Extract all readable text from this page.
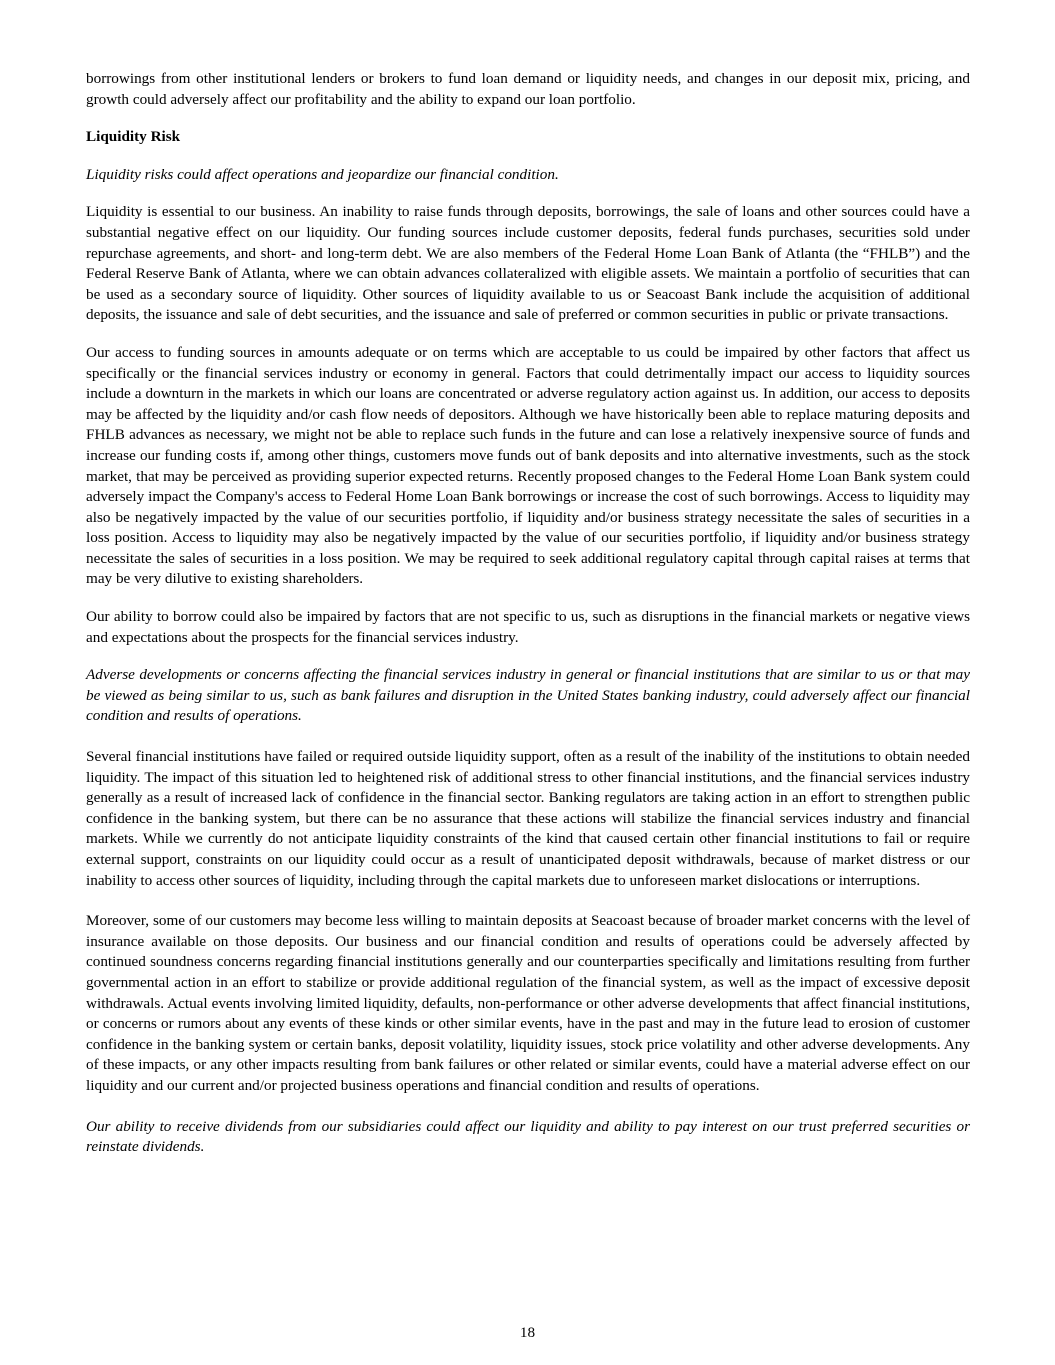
borrowings from other institutional lenders or brokers to fund loan demand or liquidity needs, and changes in our deposit mix, pricing, and growth could adversely affect our profitability and the ability to expand our loan portfolio.

Liquidity Risk

Liquidity risks could affect operations and jeopardize our financial condition.

Liquidity is essential to our business. An inability to raise funds through deposits, borrowings, the sale of loans and other sources could have a substantial negative effect on our liquidity. Our funding sources include customer deposits, federal funds purchases, securities sold under repurchase agreements, and short- and long-term debt. We are also members of the Federal Home Loan Bank of Atlanta (the “FHLB”) and the Federal Reserve Bank of Atlanta, where we can obtain advances collateralized with eligible assets. We maintain a portfolio of securities that can be used as a secondary source of liquidity. Other sources of liquidity available to us or Seacoast Bank include the acquisition of additional deposits, the issuance and sale of debt securities, and the issuance and sale of preferred or common securities in public or private transactions.

Our access to funding sources in amounts adequate or on terms which are acceptable to us could be impaired by other factors that affect us specifically or the financial services industry or economy in general. Factors that could detrimentally impact our access to liquidity sources include a downturn in the markets in which our loans are concentrated or adverse regulatory action against us. In addition, our access to deposits may be affected by the liquidity and/or cash flow needs of depositors. Although we have historically been able to replace maturing deposits and FHLB advances as necessary, we might not be able to replace such funds in the future and can lose a relatively inexpensive source of funds and increase our funding costs if, among other things, customers move funds out of bank deposits and into alternative investments, such as the stock market, that may be perceived as providing superior expected returns. Recently proposed changes to the Federal Home Loan Bank system could adversely impact the Company's access to Federal Home Loan Bank borrowings or increase the cost of such borrowings. Access to liquidity may also be negatively impacted by the value of our securities portfolio, if liquidity and/or business strategy necessitate the sales of securities in a loss position. Access to liquidity may also be negatively impacted by the value of our securities portfolio, if liquidity and/or business strategy necessitate the sales of securities in a loss position. We may be required to seek additional regulatory capital through capital raises at terms that may be very dilutive to existing shareholders.

Our ability to borrow could also be impaired by factors that are not specific to us, such as disruptions in the financial markets or negative views and expectations about the prospects for the financial services industry.

Adverse developments or concerns affecting the financial services industry in general or financial institutions that are similar to us or that may be viewed as being similar to us, such as bank failures and disruption in the United States banking industry, could adversely affect our financial condition and results of operations.

Several financial institutions have failed or required outside liquidity support, often as a result of the inability of the institutions to obtain needed liquidity. The impact of this situation led to heightened risk of additional stress to other financial institutions, and the financial services industry generally as a result of increased lack of confidence in the financial sector. Banking regulators are taking action in an effort to strengthen public confidence in the banking system, but there can be no assurance that these actions will stabilize the financial services industry and financial markets. While we currently do not anticipate liquidity constraints of the kind that caused certain other financial institutions to fail or require external support, constraints on our liquidity could occur as a result of unanticipated deposit withdrawals, because of market distress or our inability to access other sources of liquidity, including through the capital markets due to unforeseen market dislocations or interruptions.

Moreover, some of our customers may become less willing to maintain deposits at Seacoast because of broader market concerns with the level of insurance available on those deposits. Our business and our financial condition and results of operations could be adversely affected by continued soundness concerns regarding financial institutions generally and our counterparties specifically and limitations resulting from further governmental action in an effort to stabilize or provide additional regulation of the financial system, as well as the impact of excessive deposit withdrawals. Actual events involving limited liquidity, defaults, non-performance or other adverse developments that affect financial institutions, or concerns or rumors about any events of these kinds or other similar events, have in the past and may in the future lead to erosion of customer confidence in the banking system or certain banks, deposit volatility, liquidity issues, stock price volatility and other adverse developments. Any of these impacts, or any other impacts resulting from bank failures or other related or similar events, could have a material adverse effect on our liquidity and our current and/or projected business operations and financial condition and results of operations.

Our ability to receive dividends from our subsidiaries could affect our liquidity and ability to pay interest on our trust preferred securities or reinstate dividends.

18
